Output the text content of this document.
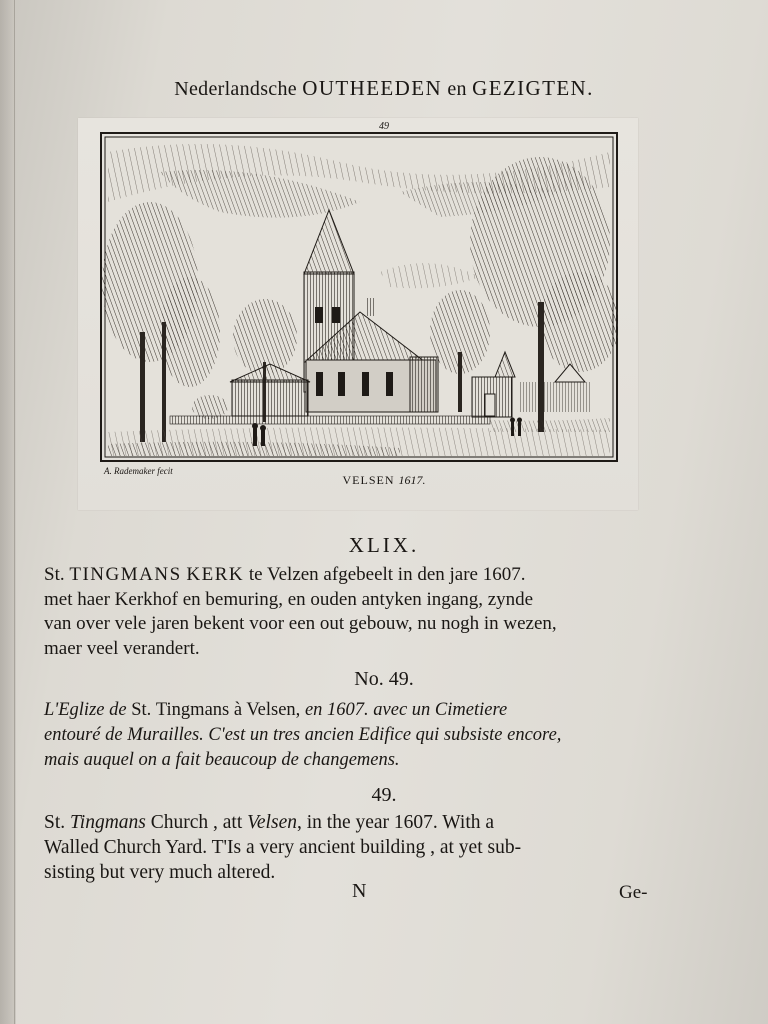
Nederlandsche OUTHEEDEN en GEZIGTEN.
49
A. Rademaker fecit
VELSEN 1617.
XLIX.
St. TINGMANS KERK te Velzen afgebeelt in den jare 1607.
met haer Kerkhof en bemuring, en ouden antyken ingang, zynde
van over vele jaren bekent voor een out gebouw, nu nogh in wezen,
maer veel verandert.
No. 49.
L'Eglize de St. Tingmans à Velsen, en 1607. avec un Cimetiere
entouré de Murailles. C'est un tres ancien Edifice qui subsiste encore,
mais auquel on a fait beaucoup de changemens.
49.
St. Tingmans Church , att Velsen, in the year 1607. With a
Walled Church Yard. T'Is a very ancient building , at yet sub-
sisting but very much altered.
N	Ge-
